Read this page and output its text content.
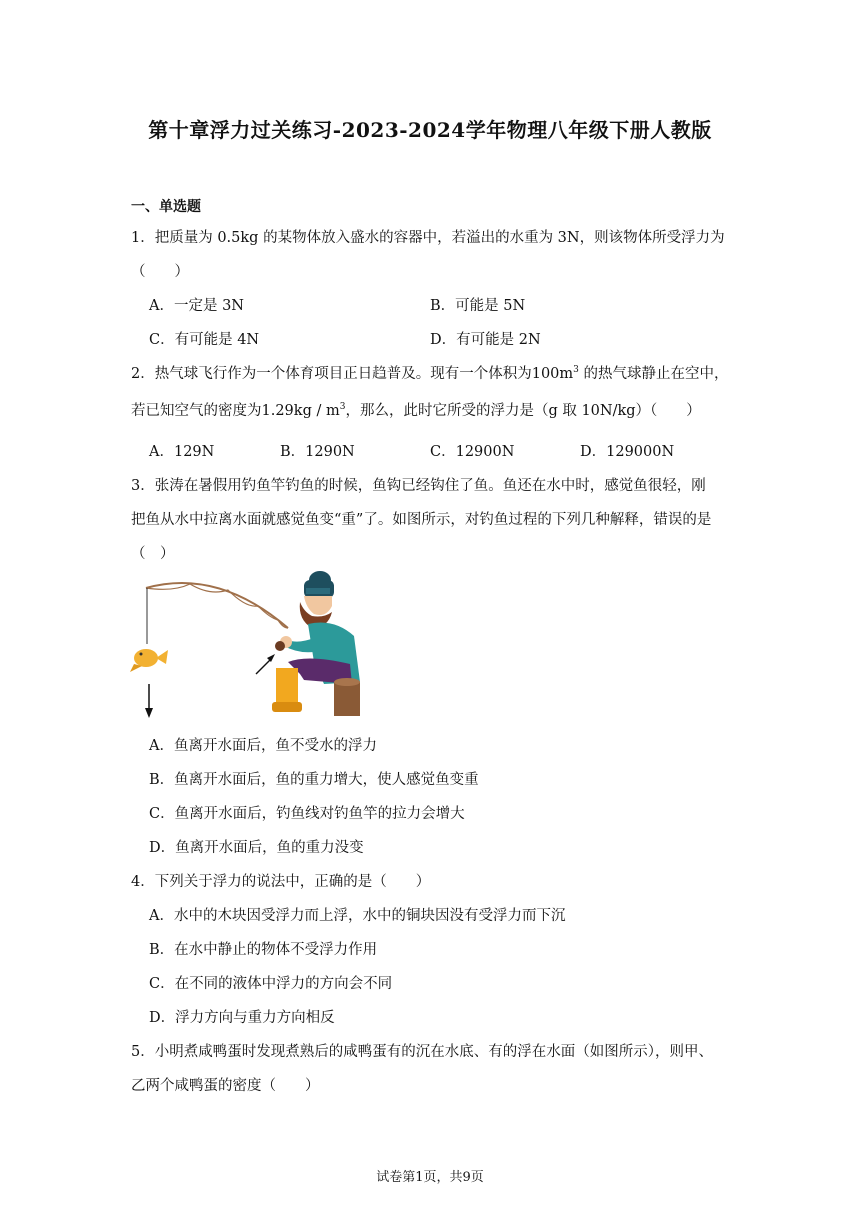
第十章浮力过关练习-2023-2024学年物理八年级下册人教版
一、单选题
1．把质量为 0.5kg 的某物体放入盛水的容器中，若溢出的水重为 3N，则该物体所受浮力为
（　　）
A．一定是 3N	B．可能是 5N
C．有可能是 4N	D．有可能是 2N
2．热气球飞行作为一个体育项目正日趋普及。现有一个体积为$100m^3$ 的热气球静止在空中，
若已知空气的密度为$1.29kg / m^3$，那么，此时它所受的浮力是（g 取 10N/kg）（　　）
A．129N	B．1290N	C．12900N	D．129000N
3．张涛在暑假用钓鱼竿钓鱼的时候，鱼钩已经钩住了鱼。鱼还在水中时，感觉鱼很轻，刚
把鱼从水中拉离水面就感觉鱼变“重”了。如图所示，对钓鱼过程的下列几种解释，错误的是
（　）
A．鱼离开水面后，鱼不受水的浮力
B．鱼离开水面后，鱼的重力增大，使人感觉鱼变重
C．鱼离开水面后，钓鱼线对钓鱼竿的拉力会增大
D．鱼离开水面后，鱼的重力没变
4．下列关于浮力的说法中，正确的是（　　）
A．水中的木块因受浮力而上浮，水中的铜块因没有受浮力而下沉
B．在水中静止的物体不受浮力作用
C．在不同的液体中浮力的方向会不同
D．浮力方向与重力方向相反
5．小明煮咸鸭蛋时发现煮熟后的咸鸭蛋有的沉在水底、有的浮在水面（如图所示），则甲、
乙两个咸鸭蛋的密度（　　）
试卷第1页，共9页
